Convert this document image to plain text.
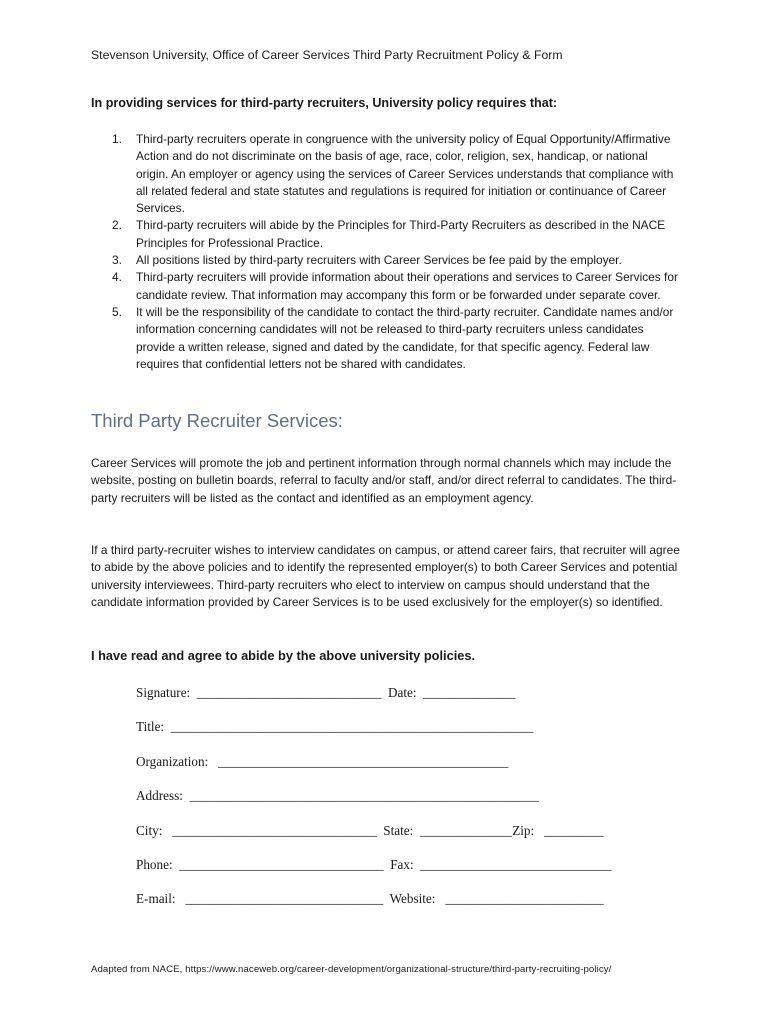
Stevenson University, Office of Career Services Third Party Recruitment Policy & Form
In providing services for third-party recruiters, University policy requires that:
1. Third-party recruiters operate in congruence with the university policy of Equal Opportunity/Affirmative Action and do not discriminate on the basis of age, race, color, religion, sex, handicap, or national origin. An employer or agency using the services of Career Services understands that compliance with all related federal and state statutes and regulations is required for initiation or continuance of Career Services.
2. Third-party recruiters will abide by the Principles for Third-Party Recruiters as described in the NACE Principles for Professional Practice.
3. All positions listed by third-party recruiters with Career Services be fee paid by the employer.
4. Third-party recruiters will provide information about their operations and services to Career Services for candidate review. That information may accompany this form or be forwarded under separate cover.
5. It will be the responsibility of the candidate to contact the third-party recruiter. Candidate names and/or information concerning candidates will not be released to third-party recruiters unless candidates provide a written release, signed and dated by the candidate, for that specific agency. Federal law requires that confidential letters not be shared with candidates.
Third Party Recruiter Services:

Career Services will promote the job and pertinent information through normal channels which may include the website, posting on bulletin boards, referral to faculty and/or staff, and/or direct referral to candidates. The third-party recruiters will be listed as the contact and identified as an employment agency.

If a third party-recruiter wishes to interview candidates on campus, or attend career fairs, that recruiter will agree to abide by the above policies and to identify the represented employer(s) to both Career Services and potential university interviewees. Third-party recruiters who elect to interview on campus should understand that the candidate information provided by Career Services is to be used exclusively for the employer(s) so identified.

I have read and agree to abide by the above university policies.
Signature:  ____________________________  Date:  ______________
Title:  _______________________________________________________
Organization:   ____________________________________________
Address:  _____________________________________________________
City:   _______________________________  State:  ______________Zip:   _________
Phone:  _______________________________  Fax:  _____________________________
E-mail:   ______________________________  Website:   ________________________
Adapted from NACE, https://www.naceweb.org/career-development/organizational-structure/third-party-recruiting-policy/
